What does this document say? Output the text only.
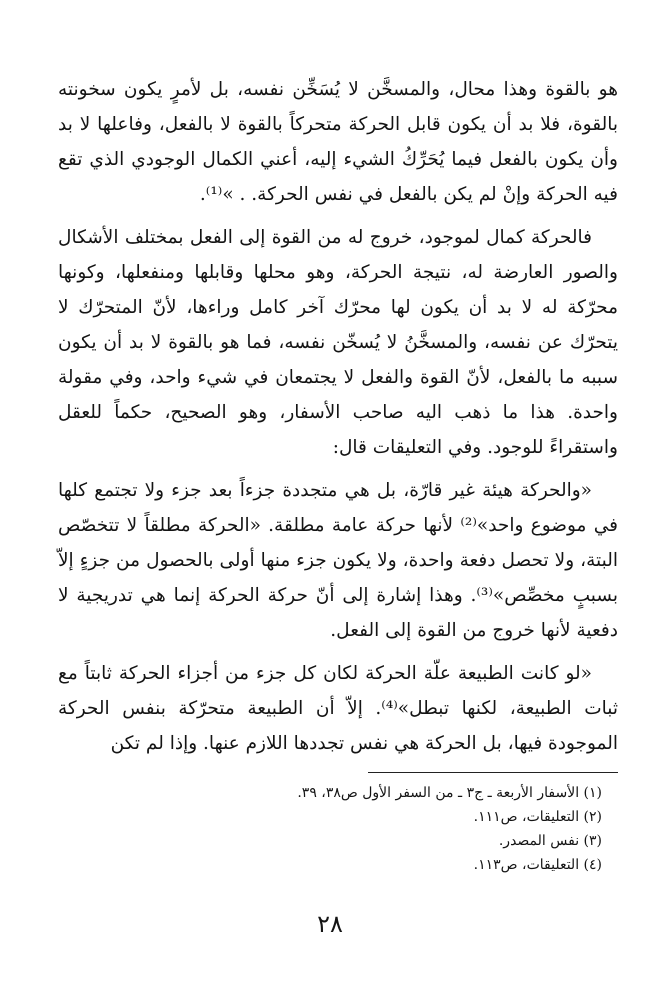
هو بالقوة وهذا محال، والمسخَّن لا يُسَخِّن نفسه، بل لأمرٍ يكون سخونته بالقوة، فلا بد أن يكون قابل الحركة متحركاً بالقوة لا بالفعل، وفاعلها لا بد وأن يكون بالفعل فيما يُحَرِّكُ الشيء إليه، أعني الكمال الوجودي الذي تقع فيه الحركة وإنْ لم يكن بالفعل في نفس الحركة. . »⁽¹⁾.

فالحركة كمال لموجود، خروج له من القوة إلى الفعل بمختلف الأشكال والصور العارضة له، نتيجة الحركة، وهو محلها وقابلها ومنفعلها، وكونها محرّكة له لا بد أن يكون لها محرّك آخر كامل وراءها، لأنّ المتحرّك لا يتحرّك عن نفسه، والمسخَّنُ لا يُسخّن نفسه، فما هو بالقوة لا بد أن يكون سببه ما بالفعل، لأنّ القوة والفعل لا يجتمعان في شيء واحد، وفي مقولة واحدة. هذا ما ذهب اليه صاحب الأسفار، وهو الصحيح، حكماً للعقل واستقراءً للوجود. وفي التعليقات قال:

«والحركة هيئة غير قارّة، بل هي متجددة جزءاً بعد جزء ولا تجتمع كلها في موضوع واحد»⁽²⁾ لأنها حركة عامة مطلقة. «الحركة مطلقاً لا تتخصّص البتة، ولا تحصل دفعة واحدة، ولا يكون جزء منها أولى بالحصول من جزءٍ إلاّ بسببٍ مخصِّص»⁽³⁾. وهذا إشارة إلى أنّ حركة الحركة إنما هي تدريجية لا دفعية لأنها خروج من القوة إلى الفعل.

«لو كانت الطبيعة علّة الحركة لكان كل جزء من أجزاء الحركة ثابتاً مع ثبات الطبيعة، لكنها تبطل»⁽⁴⁾. إلاّ أن الطبيعة متحرّكة بنفس الحركة الموجودة فيها، بل الحركة هي نفس تجددها اللازم عنها. وإذا لم تكن

(١) الأسفار الأربعة ـ ج٣ ـ من السفر الأول ص٣٨، ٣٩.
(٢) التعليقات، ص١١١.
(٣) نفس المصدر.
(٤) التعليقات، ص١١٣.
٢٨
